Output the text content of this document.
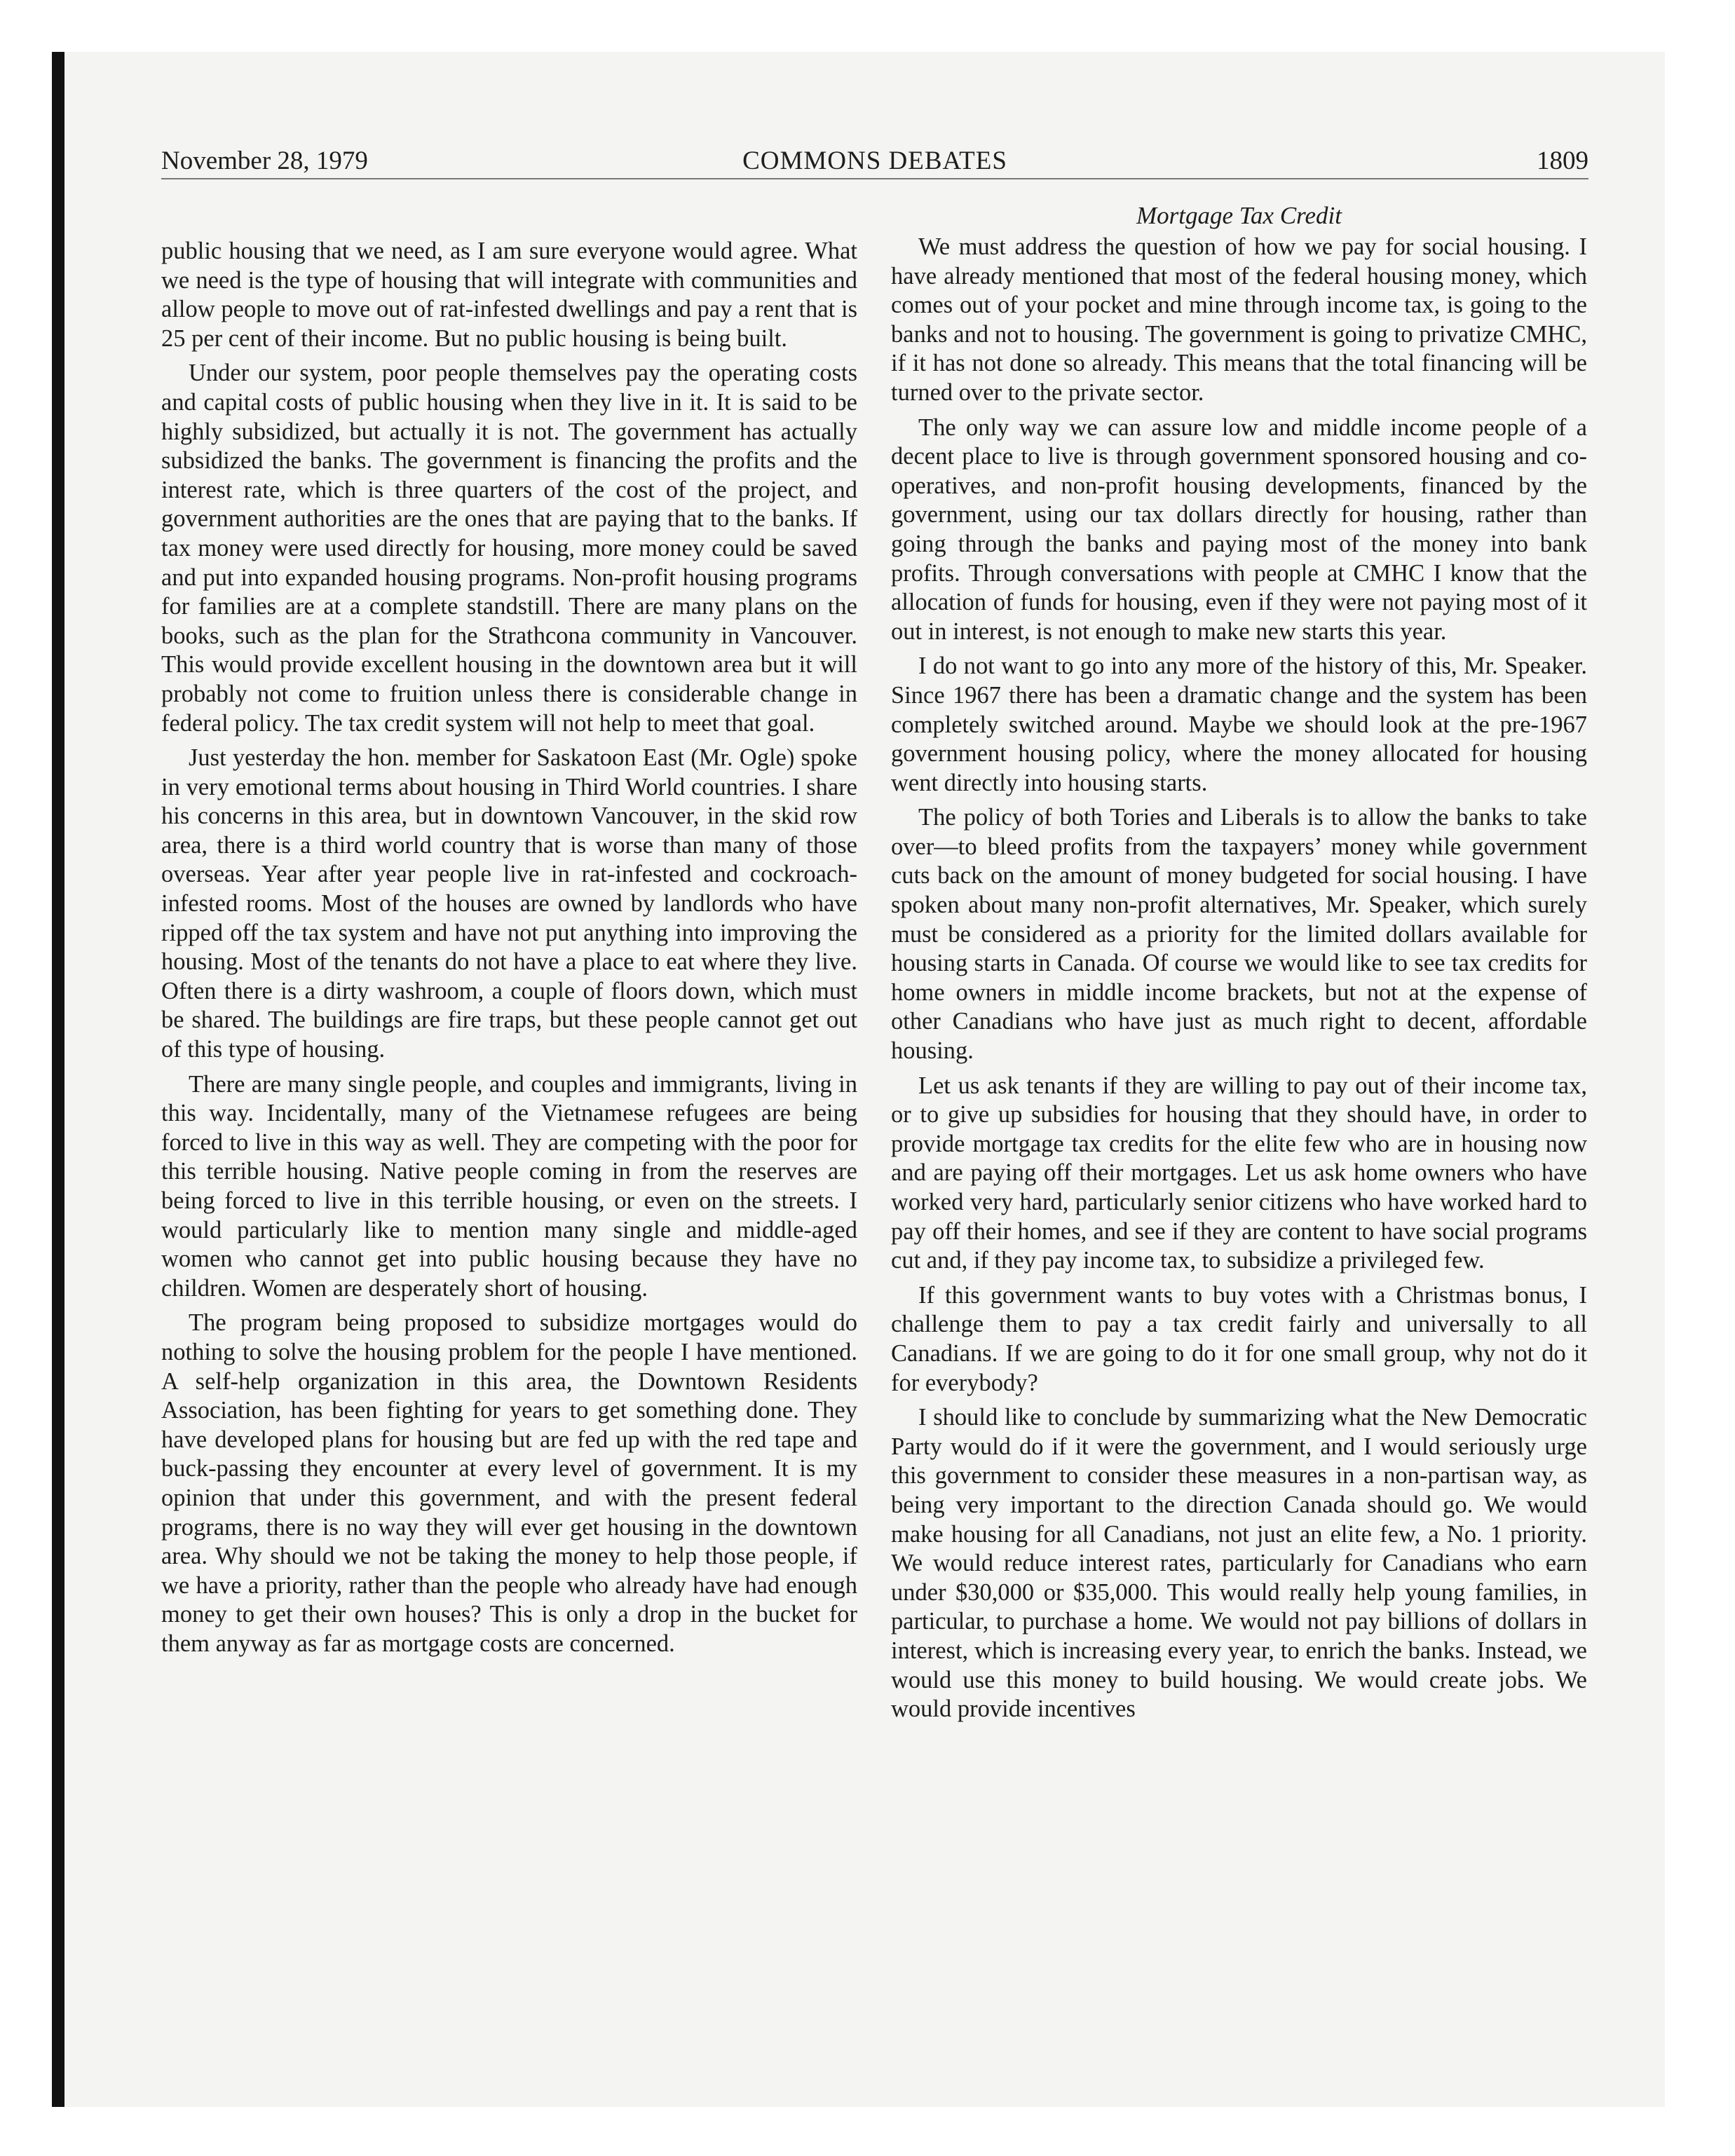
November 28, 1979	COMMONS DEBATES	1809

public housing that we need, as I am sure everyone would agree. What we need is the type of housing that will integrate with communities and allow people to move out of rat-infested dwellings and pay a rent that is 25 per cent of their income. But no public housing is being built.

Under our system, poor people themselves pay the operating costs and capital costs of public housing when they live in it. It is said to be highly subsidized, but actually it is not. The government has actually subsidized the banks. The government is financing the profits and the interest rate, which is three quarters of the cost of the project, and government authorities are the ones that are paying that to the banks. If tax money were used directly for housing, more money could be saved and put into expanded housing programs. Non-profit housing programs for families are at a complete standstill. There are many plans on the books, such as the plan for the Strathcona community in Vancouver. This would provide excellent housing in the downtown area but it will probably not come to fruition unless there is considerable change in federal policy. The tax credit system will not help to meet that goal.

Just yesterday the hon. member for Saskatoon East (Mr. Ogle) spoke in very emotional terms about housing in Third World countries. I share his concerns in this area, but in downtown Vancouver, in the skid row area, there is a third world country that is worse than many of those overseas. Year after year people live in rat-infested and cockroach-infested rooms. Most of the houses are owned by landlords who have ripped off the tax system and have not put anything into improving the housing. Most of the tenants do not have a place to eat where they live. Often there is a dirty washroom, a couple of floors down, which must be shared. The buildings are fire traps, but these people cannot get out of this type of housing.

There are many single people, and couples and immigrants, living in this way. Incidentally, many of the Vietnamese refugees are being forced to live in this way as well. They are competing with the poor for this terrible housing. Native people coming in from the reserves are being forced to live in this terrible housing, or even on the streets. I would particularly like to mention many single and middle-aged women who cannot get into public housing because they have no children. Women are desperately short of housing.

The program being proposed to subsidize mortgages would do nothing to solve the housing problem for the people I have mentioned. A self-help organization in this area, the Downtown Residents Association, has been fighting for years to get something done. They have developed plans for housing but are fed up with the red tape and buck-passing they encounter at every level of government. It is my opinion that under this government, and with the present federal programs, there is no way they will ever get housing in the downtown area. Why should we not be taking the money to help those people, if we have a priority, rather than the people who already have had enough money to get their own houses? This is only a drop in the bucket for them anyway as far as mortgage costs are concerned.

Mortgage Tax Credit

We must address the question of how we pay for social housing. I have already mentioned that most of the federal housing money, which comes out of your pocket and mine through income tax, is going to the banks and not to housing. The government is going to privatize CMHC, if it has not done so already. This means that the total financing will be turned over to the private sector.

The only way we can assure low and middle income people of a decent place to live is through government sponsored housing and co-operatives, and non-profit housing developments, financed by the government, using our tax dollars directly for housing, rather than going through the banks and paying most of the money into bank profits. Through conversations with people at CMHC I know that the allocation of funds for housing, even if they were not paying most of it out in interest, is not enough to make new starts this year.

I do not want to go into any more of the history of this, Mr. Speaker. Since 1967 there has been a dramatic change and the system has been completely switched around. Maybe we should look at the pre-1967 government housing policy, where the money allocated for housing went directly into housing starts.

The policy of both Tories and Liberals is to allow the banks to take over—to bleed profits from the taxpayers’ money while government cuts back on the amount of money budgeted for social housing. I have spoken about many non-profit alternatives, Mr. Speaker, which surely must be considered as a priority for the limited dollars available for housing starts in Canada. Of course we would like to see tax credits for home owners in middle income brackets, but not at the expense of other Canadians who have just as much right to decent, affordable housing.

Let us ask tenants if they are willing to pay out of their income tax, or to give up subsidies for housing that they should have, in order to provide mortgage tax credits for the elite few who are in housing now and are paying off their mortgages. Let us ask home owners who have worked very hard, particularly senior citizens who have worked hard to pay off their homes, and see if they are content to have social programs cut and, if they pay income tax, to subsidize a privileged few.

If this government wants to buy votes with a Christmas bonus, I challenge them to pay a tax credit fairly and universally to all Canadians. If we are going to do it for one small group, why not do it for everybody?

I should like to conclude by summarizing what the New Democratic Party would do if it were the government, and I would seriously urge this government to consider these measures in a non-partisan way, as being very important to the direction Canada should go. We would make housing for all Canadians, not just an elite few, a No. 1 priority. We would reduce interest rates, particularly for Canadians who earn under $30,000 or $35,000. This would really help young families, in particular, to purchase a home. We would not pay billions of dollars in interest, which is increasing every year, to enrich the banks. Instead, we would use this money to build housing. We would create jobs. We would provide incentives
